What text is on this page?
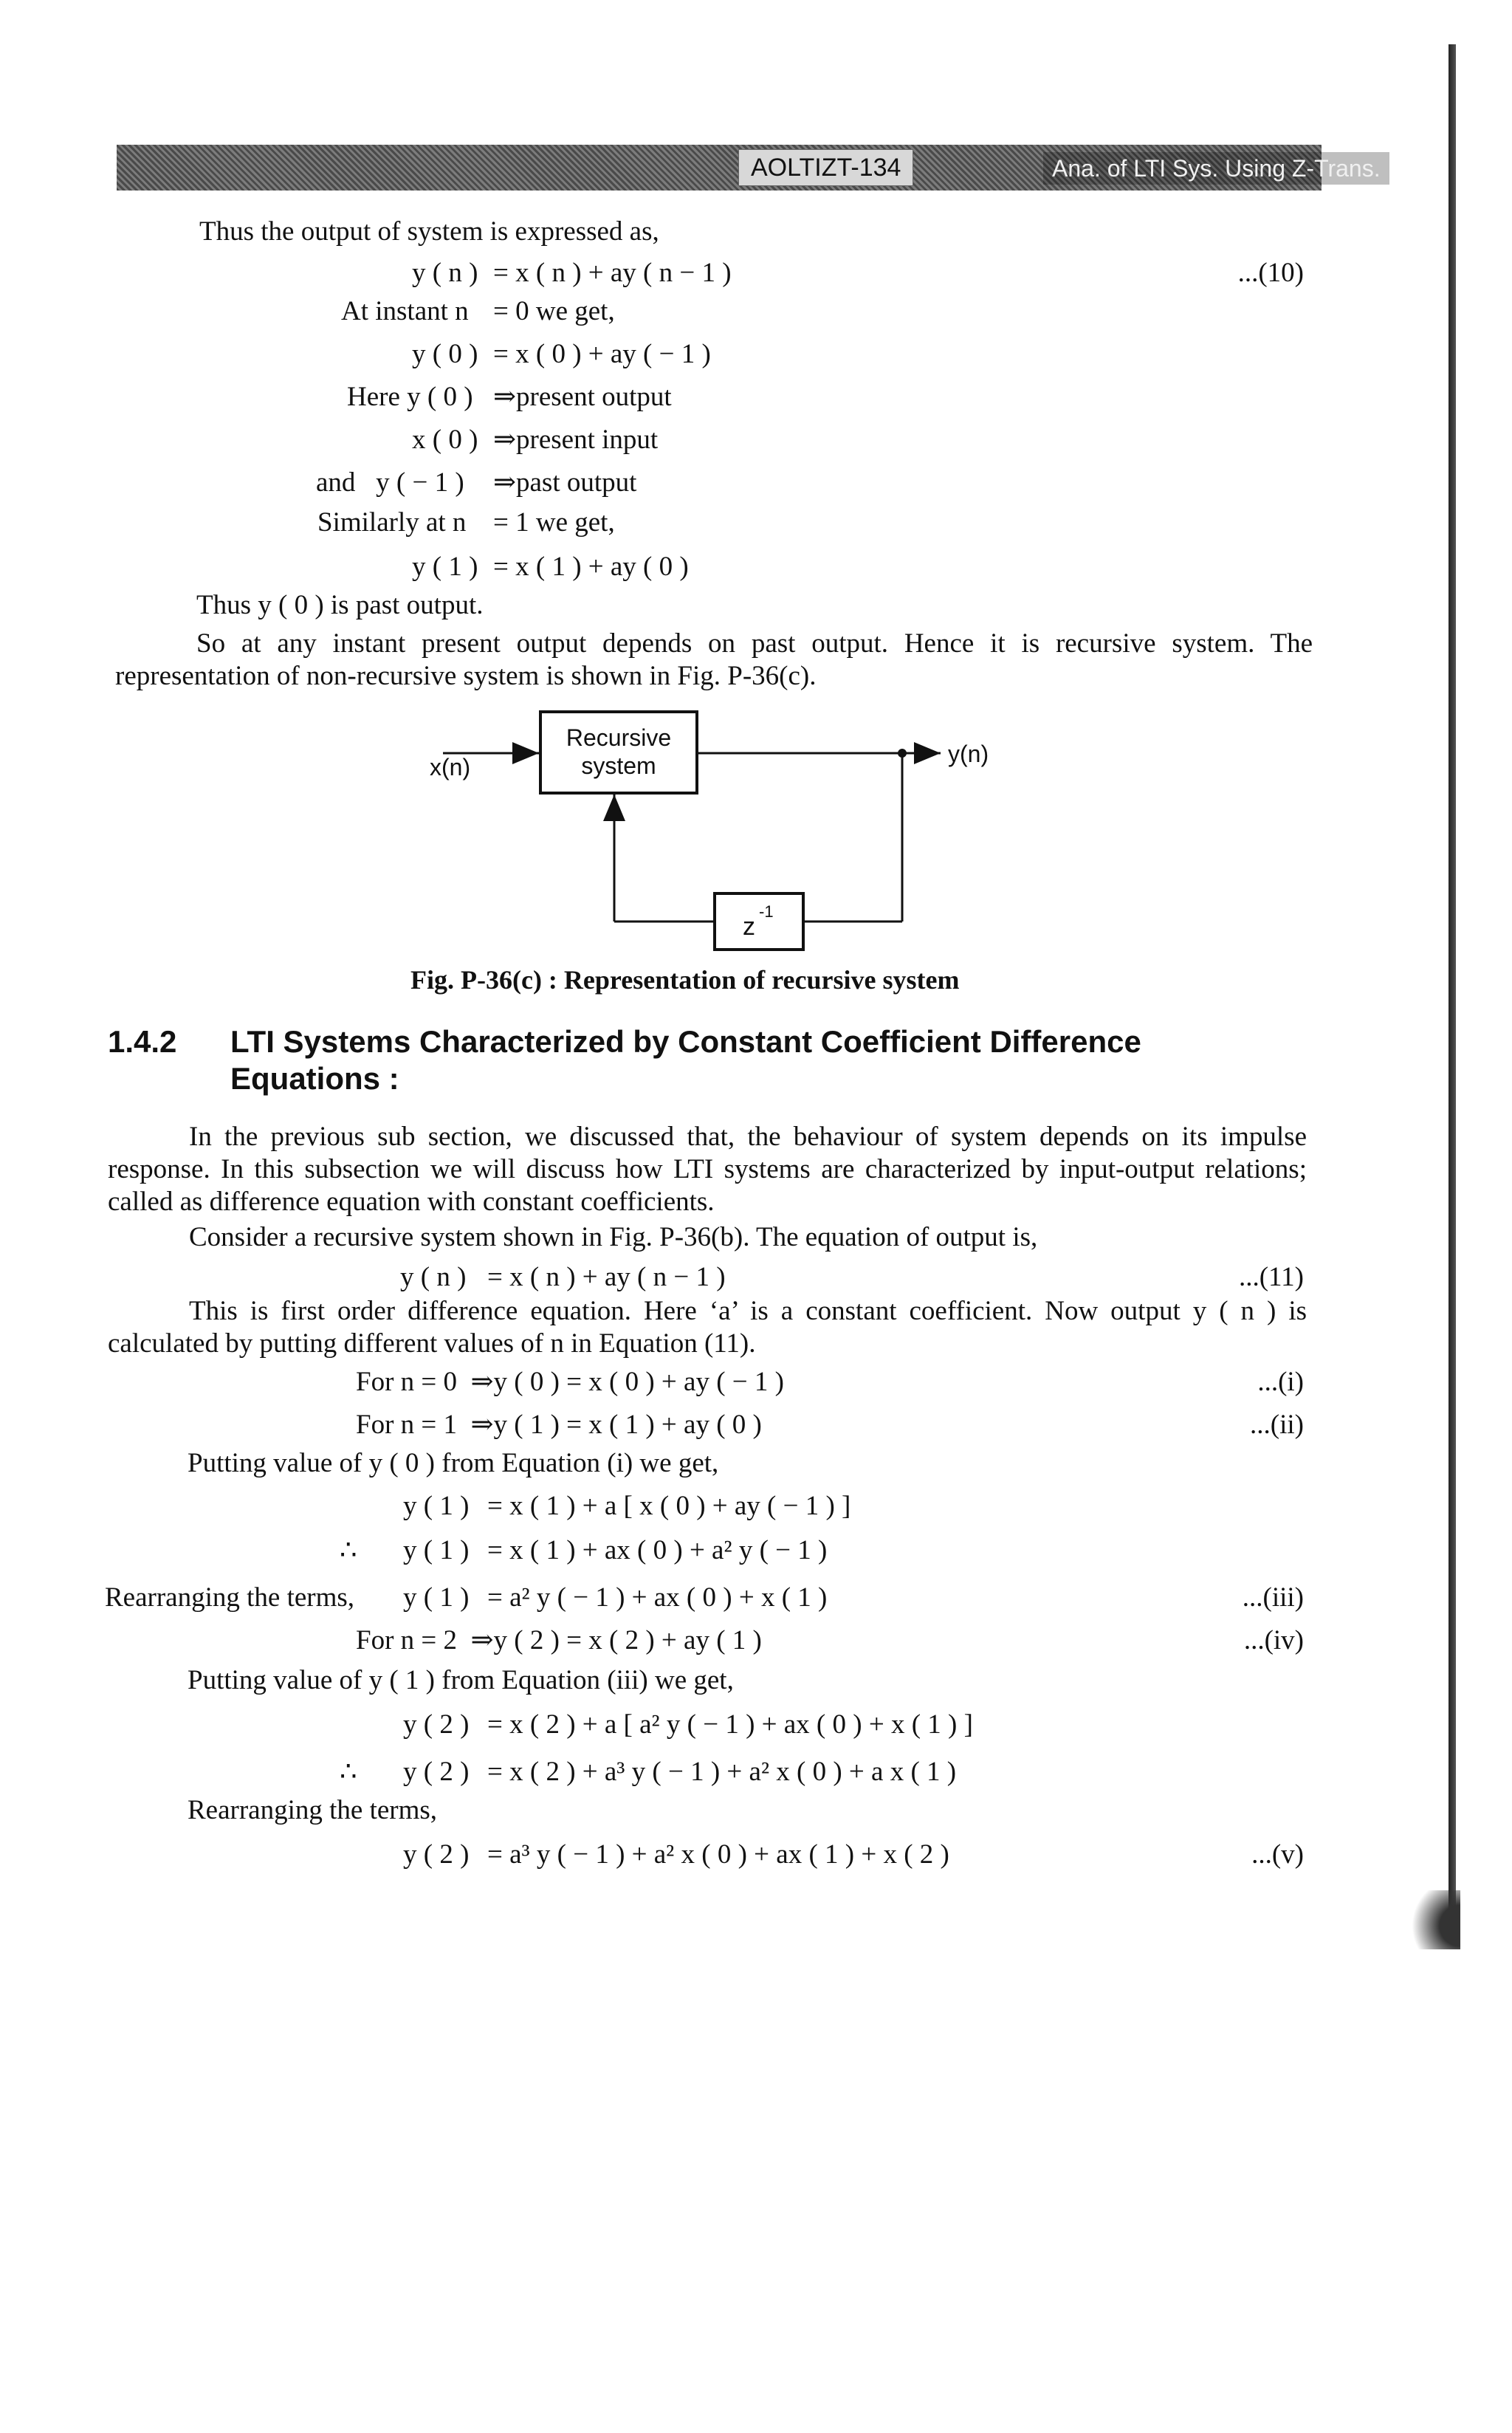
AOLTIZT-134	Ana. of LTI Sys. Using Z-Trans.
Thus the output of system is expressed as,
y ( n ) = x ( n ) + ay ( n − 1 )	...(10)
At instant n = 0 we get,
y ( 0 ) = x ( 0 ) + ay ( − 1 )
Here y ( 0 ) ⇒present output
x ( 0 ) ⇒present input
and   y ( − 1 ) ⇒past output
Similarly at n = 1 we get,
y ( 1 ) = x ( 1 ) + ay ( 0 )
Thus y ( 0 ) is past output.
So at any instant present output depends on past output. Hence it is recursive system. The representation of non-recursive system is shown in Fig. P-36(c).
Recursive
system
x(n)	y(n)
z
-1
Fig. P-36(c) : Representation of recursive system
1.4.2 LTI Systems Characterized by Constant Coefficient Difference
Equations :
In the previous sub section, we discussed that, the behaviour of system depends on its impulse response. In this subsection we will discuss how LTI systems are characterized by input-output relations; called as difference equation with constant coefficients.
Consider a recursive system shown in Fig. P-36(b). The equation of output is,
y ( n ) = x ( n ) + ay ( n − 1 )	...(11)
This is first order difference equation. Here ‘a’ is a constant coefficient. Now output y ( n ) is calculated by putting different values of n in Equation (11).
For n = 0  ⇒y ( 0 ) = x ( 0 ) + ay ( − 1 )	...(i)
For n = 1  ⇒y ( 1 ) = x ( 1 ) + ay ( 0 )	...(ii)
Putting value of y ( 0 ) from Equation (i) we get,
y ( 1 ) = x ( 1 ) + a [ x ( 0 ) + ay ( − 1 ) ]
∴ y ( 1 ) = x ( 1 ) + ax ( 0 ) + a² y ( − 1 )
Rearranging the terms, y ( 1 ) = a² y ( − 1 ) + ax ( 0 ) + x ( 1 )	...(iii)
For n = 2  ⇒y ( 2 ) = x ( 2 ) + ay ( 1 )	...(iv)
Putting value of y ( 1 ) from Equation (iii) we get,
y ( 2 ) = x ( 2 ) + a [ a² y ( − 1 ) + ax ( 0 ) + x ( 1 ) ]
∴ y ( 2 ) = x ( 2 ) + a³ y ( − 1 ) + a² x ( 0 ) + a x ( 1 )
Rearranging the terms,
y ( 2 ) = a³ y ( − 1 ) + a² x ( 0 ) + ax ( 1 ) + x ( 2 )	...(v)
